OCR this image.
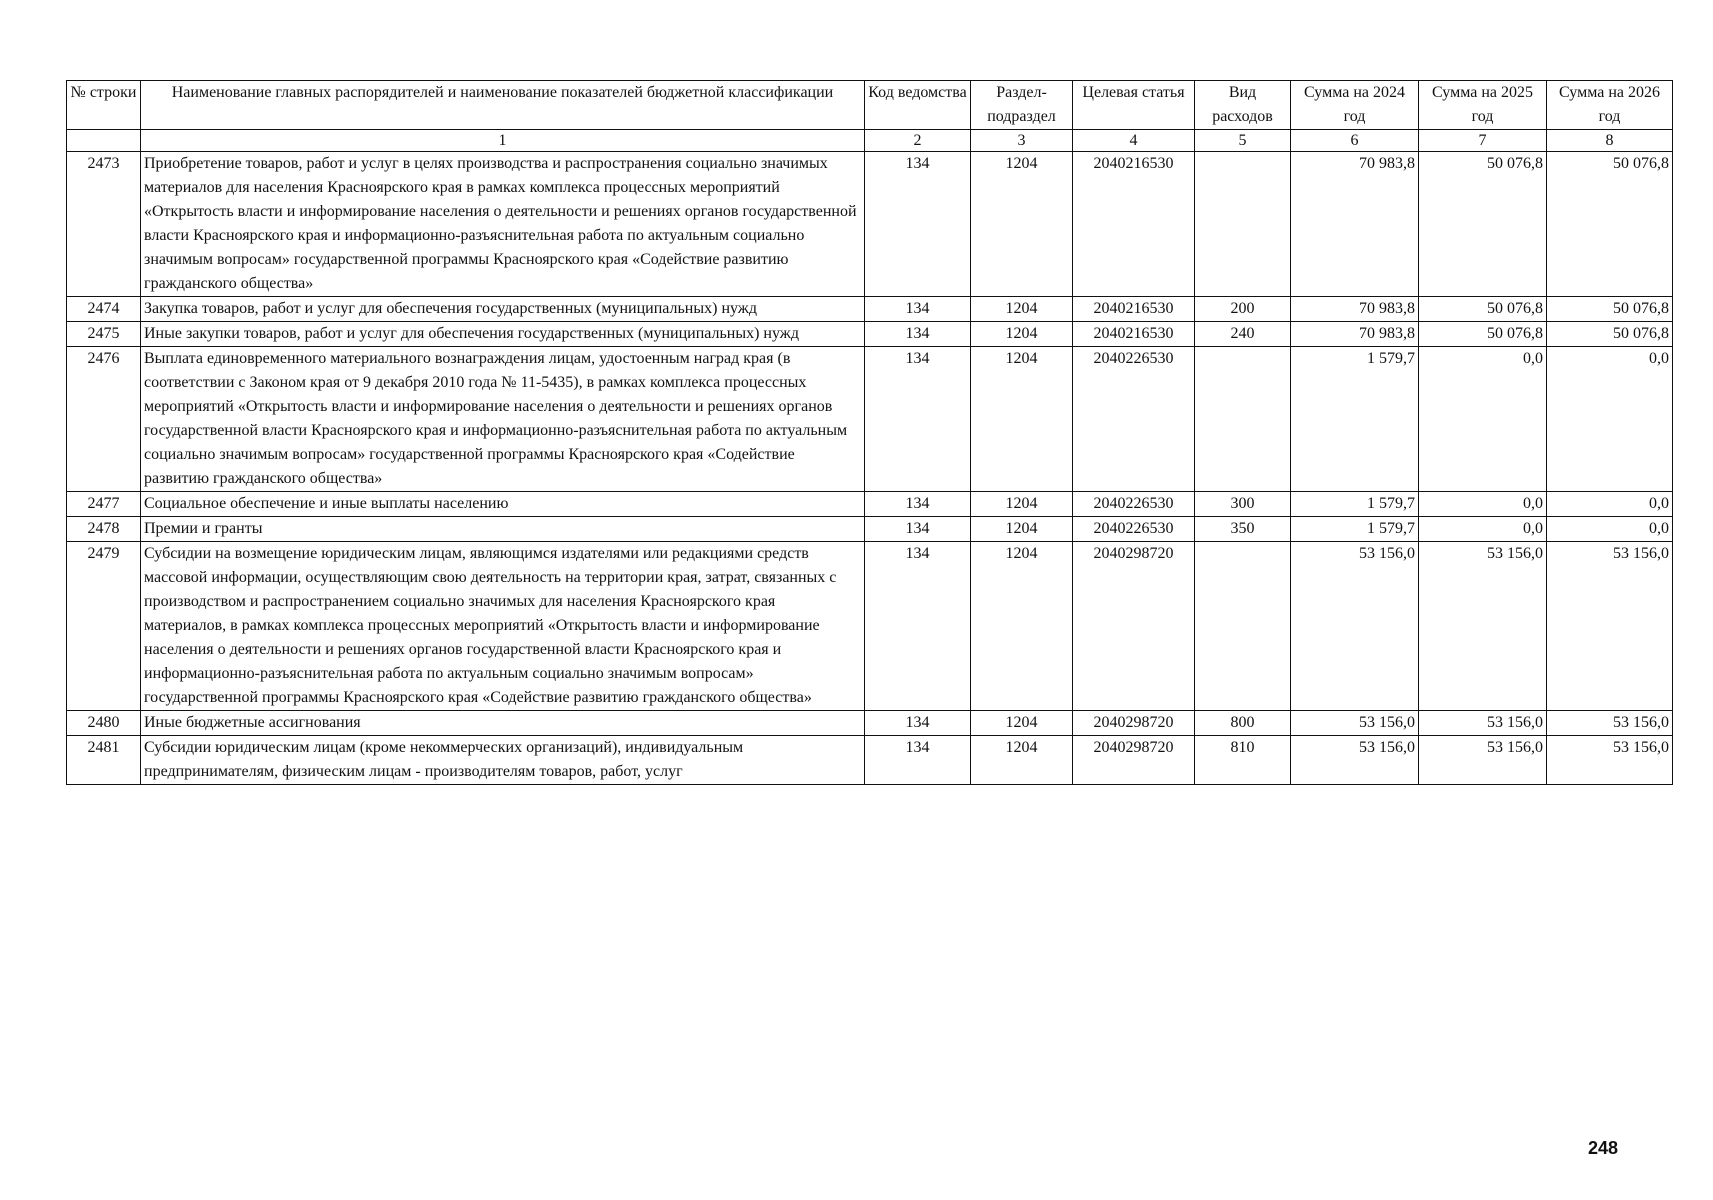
№ строки	Наименование главных распорядителей и наименование показателей бюджетной классификации	Код ведомства	Раздел-подраздел	Целевая статья	Вид расходов	Сумма на 2024 год	Сумма на 2025 год	Сумма на 2026 год
	1	2	3	4	5	6	7	8
2473	Приобретение товаров, работ и услуг в целях производства и распространения социально значимых материалов для населения Красноярского края в рамках комплекса процессных мероприятий «Открытость власти и информирование населения о деятельности и решениях органов государственной власти Красноярского края и информационно-разъяснительная работа по актуальным социально значимым вопросам» государственной программы Красноярского края «Содействие развитию гражданского общества»	134	1204	2040216530		70 983,8	50 076,8	50 076,8
2474	Закупка товаров, работ и услуг для обеспечения государственных (муниципальных) нужд	134	1204	2040216530	200	70 983,8	50 076,8	50 076,8
2475	Иные закупки товаров, работ и услуг для обеспечения государственных (муниципальных) нужд	134	1204	2040216530	240	70 983,8	50 076,8	50 076,8
2476	Выплата единовременного материального вознаграждения лицам, удостоенным наград края (в соответствии с Законом края от 9 декабря 2010 года № 11-5435), в рамках комплекса процессных мероприятий «Открытость власти и информирование населения о деятельности и решениях органов государственной власти Красноярского края и информационно-разъяснительная работа по актуальным социально значимым вопросам» государственной программы Красноярского края «Содействие развитию гражданского общества»	134	1204	2040226530		1 579,7	0,0	0,0
2477	Социальное обеспечение и иные выплаты населению	134	1204	2040226530	300	1 579,7	0,0	0,0
2478	Премии и гранты	134	1204	2040226530	350	1 579,7	0,0	0,0
2479	Субсидии на возмещение юридическим лицам, являющимся издателями или редакциями средств массовой информации, осуществляющим свою деятельность на территории края, затрат, связанных с производством и распространением социально значимых для населения Красноярского края материалов, в рамках комплекса процессных мероприятий «Открытость власти и информирование населения о деятельности и решениях органов государственной власти Красноярского края и информационно-разъяснительная работа по актуальным социально значимым вопросам» государственной программы Красноярского края «Содействие развитию гражданского общества»	134	1204	2040298720		53 156,0	53 156,0	53 156,0
2480	Иные бюджетные ассигнования	134	1204	2040298720	800	53 156,0	53 156,0	53 156,0
2481	Субсидии юридическим лицам (кроме некоммерческих организаций), индивидуальным предпринимателям, физическим лицам - производителям товаров, работ, услуг	134	1204	2040298720	810	53 156,0	53 156,0	53 156,0
248
